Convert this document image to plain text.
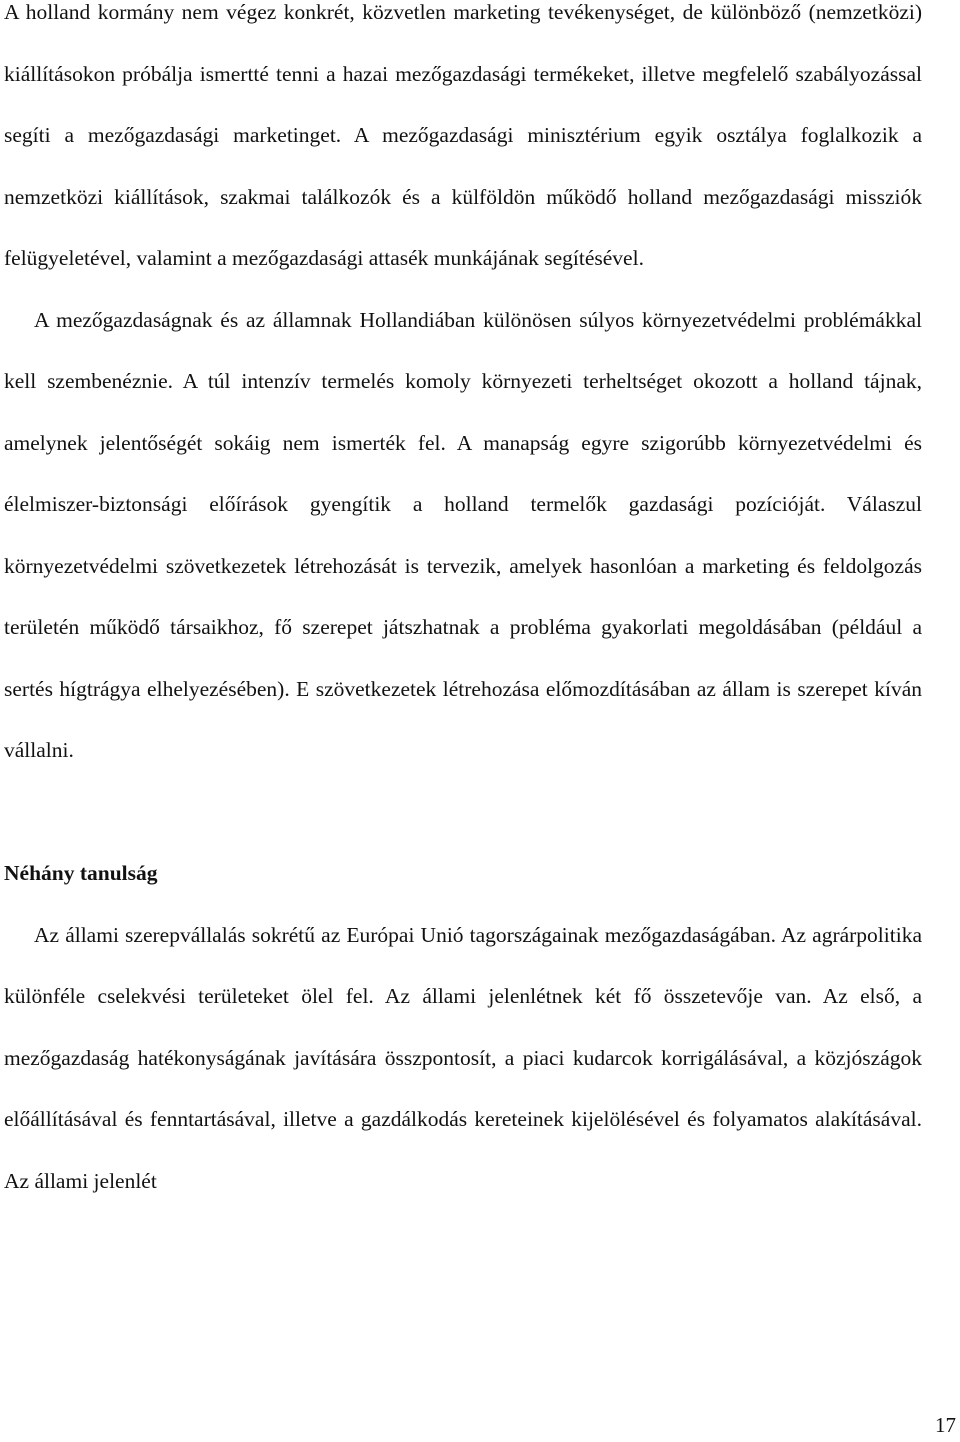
A holland kormány nem végez konkrét, közvetlen marketing tevékenységet, de különböző (nemzetközi) kiállításokon próbálja ismertté tenni a hazai mezőgazdasági termékeket, illetve megfelelő szabályozással segíti a mezőgazdasági marketinget. A mezőgazdasági minisztérium egyik osztálya foglalkozik a nemzetközi kiállítások, szakmai találkozók és a külföldön működő holland mezőgazdasági missziók felügyeletével, valamint a mezőgazdasági attasék munkájának segítésével.

A mezőgazdaságnak és az államnak Hollandiában különösen súlyos környezetvédelmi problémákkal kell szembenéznie. A túl intenzív termelés komoly környezeti terheltséget okozott a holland tájnak, amelynek jelentőségét sokáig nem ismerték fel. A manapság egyre szigorúbb környezetvédelmi és élelmiszer-biztonsági előírások gyengítik a holland termelők gazdasági pozícióját. Válaszul környezetvédelmi szövetkezetek létrehozását is tervezik, amelyek hasonlóan a marketing és feldolgozás területén működő társaikhoz, fő szerepet játszhatnak a probléma gyakorlati megoldásában (például a sertés hígtrágya elhelyezésében). E szövetkezetek létrehozása előmozdításában az állam is szerepet kíván vállalni.

Néhány tanulság

Az állami szerepvállalás sokrétű az Európai Unió tagországainak mezőgazdaságában. Az agrárpolitika különféle cselekvési területeket ölel fel. Az állami jelenlétnek két fő összetevője van. Az első, a mezőgazdaság hatékonyságának javítására összpontosít, a piaci kudarcok korrigálásával, a közjószágok előállításával és fenntartásával, illetve a gazdálkodás kereteinek kijelölésével és folyamatos alakításával. Az állami jelenlét

17
